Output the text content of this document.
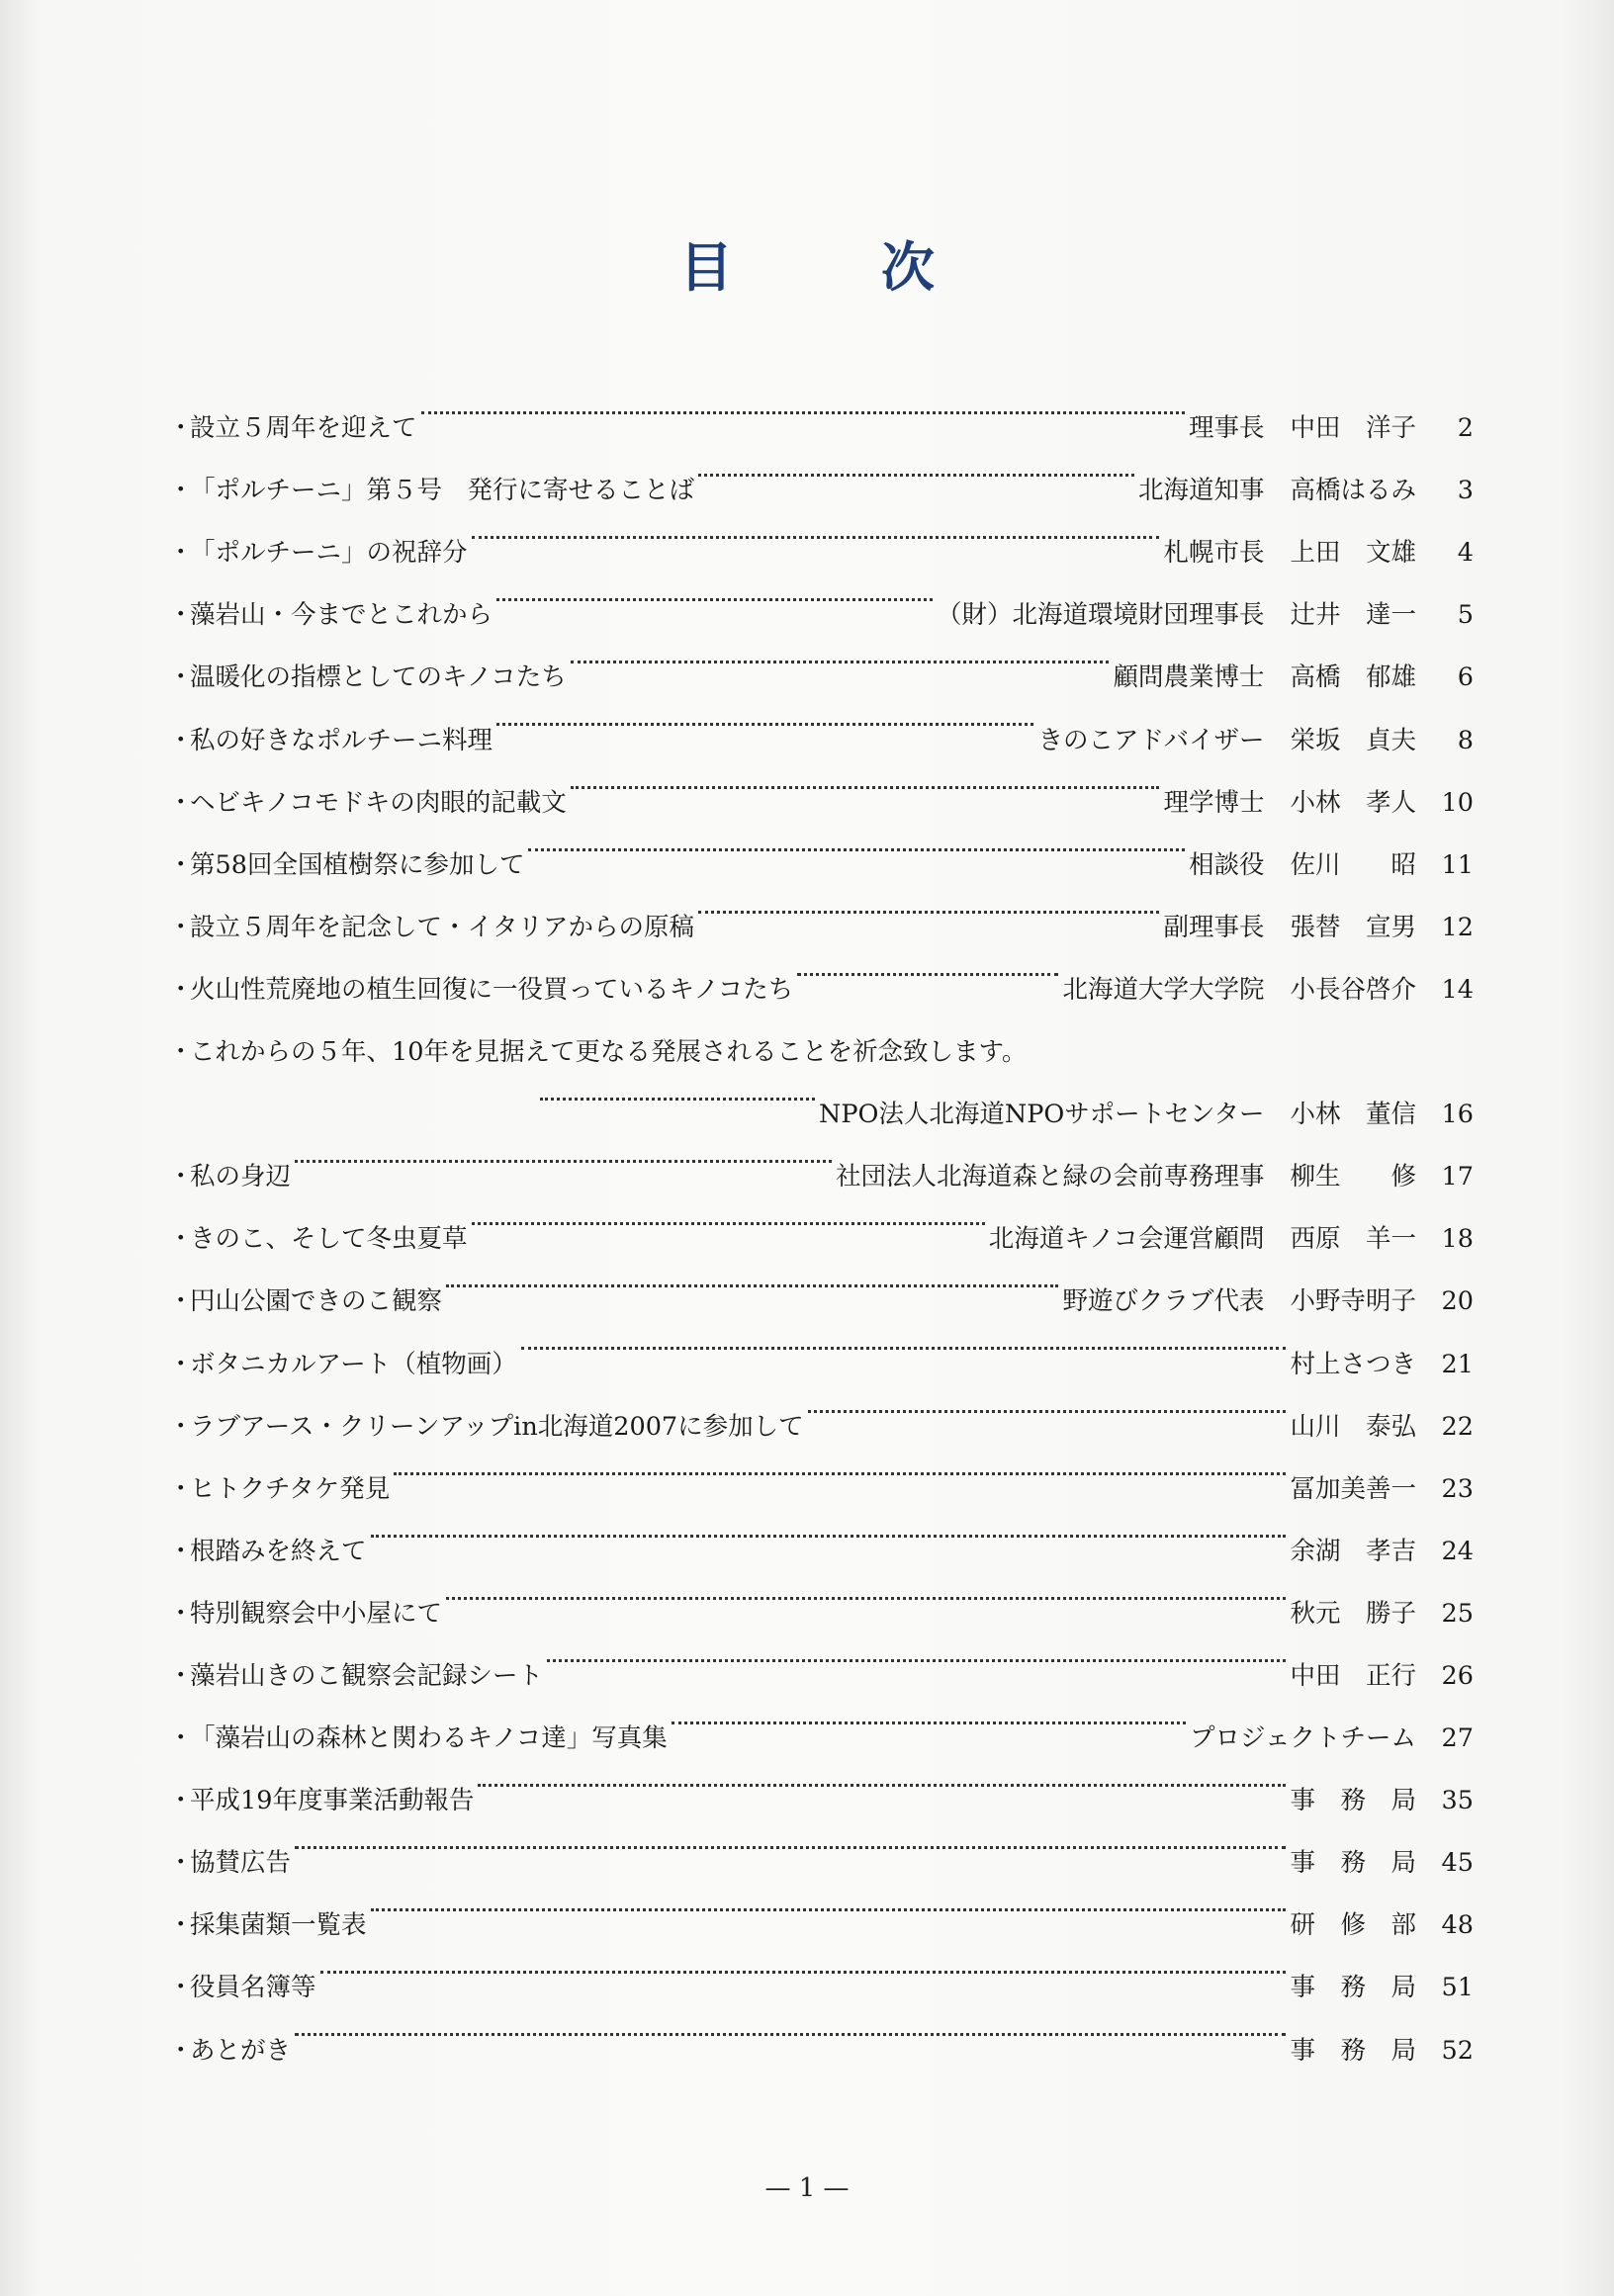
目	次
・
設立５周年を迎えて	理事長 中田　洋子	2
・
「ポルチーニ」第５号　発行に寄せることば	北海道知事 高橋はるみ	3
・
「ポルチーニ」の祝辞分	札幌市長 上田　文雄	4
・
藻岩山・今までとこれから	（財）北海道環境財団理事長 辻井　達一	5
・
温暖化の指標としてのキノコたち	顧問農業博士 高橋　郁雄	6
・
私の好きなポルチーニ料理	きのこアドバイザー 栄坂　貞夫	8
・
ヘビキノコモドキの肉眼的記載文	理学博士 小林　孝人	10
・
第58回全国植樹祭に参加して	相談役 佐川　　昭	11
・
設立５周年を記念して・イタリアからの原稿	副理事長 張替　宣男	12
・
火山性荒廃地の植生回復に一役買っているキノコたち	北海道大学大学院 小長谷啓介	14
・
これからの５年、10年を見据えて更なる発展されることを祈念致します。
NPO法人北海道NPOサポートセンター 小林　董信	16
・
私の身辺	社団法人北海道森と緑の会前専務理事 柳生　　修	17
・
きのこ、そして冬虫夏草	北海道キノコ会運営顧問 西原　羊一	18
・
円山公園できのこ観察	野遊びクラブ代表 小野寺明子	20
・
ボタニカルアート（植物画）	村上さつき	21
・
ラブアース・クリーンアップin北海道2007に参加して	山川　泰弘	22
・
ヒトクチタケ発見	冨加美善一	23
・
根踏みを終えて	余湖　孝吉	24
・
特別観察会中小屋にて	秋元　勝子	25
・
藻岩山きのこ観察会記録シート	中田　正行	26
・
「藻岩山の森林と関わるキノコ達」写真集	プロジェクトチーム	27
・
平成19年度事業活動報告	事　務　局	35
・
協賛広告	事　務　局	45
・
採集菌類一覧表	研　修　部	48
・
役員名簿等	事　務　局	51
・
あとがき	事　務　局	52
— 1 —
